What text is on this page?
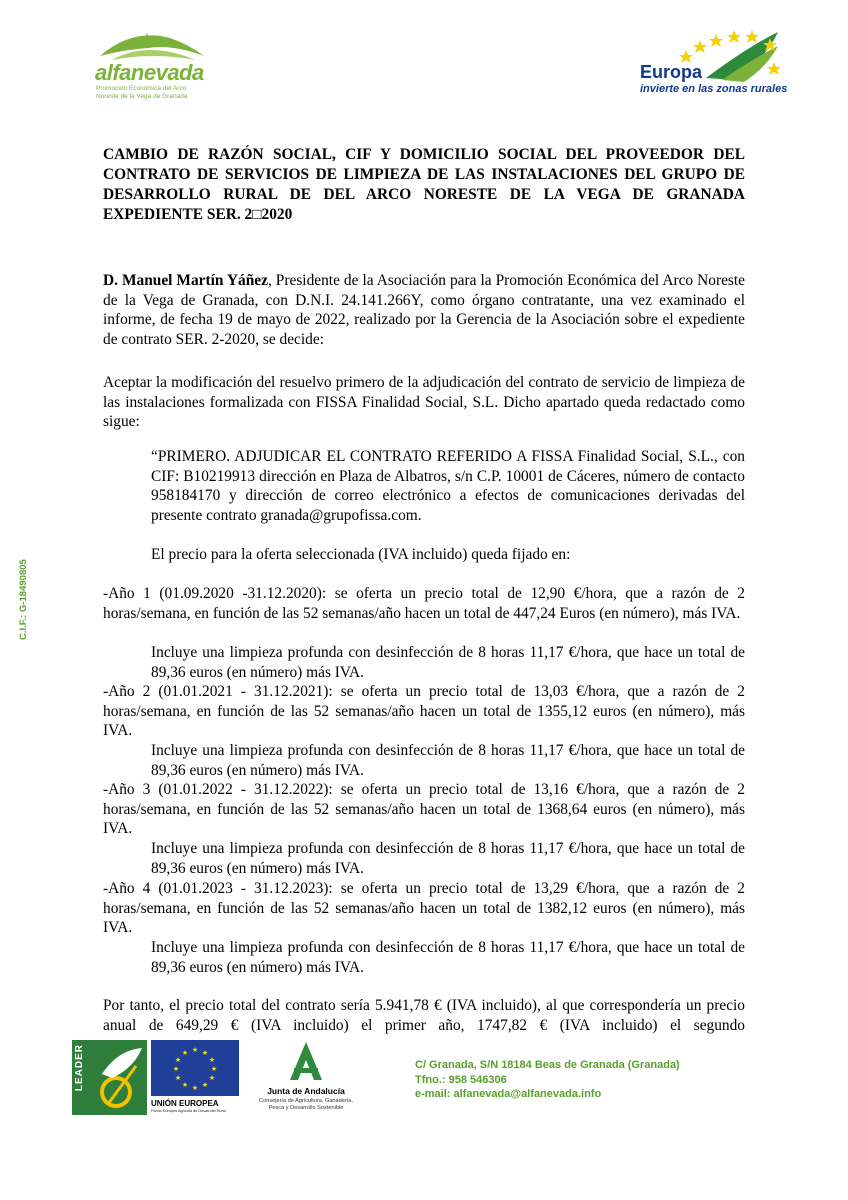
alfanevada
Promoción Económica del Arco
Noreste de la Vega de Granada
Europa
invierte en las zonas rurales
CAMBIO DE RAZÓN SOCIAL, CIF Y DOMICILIO SOCIAL DEL PROVEEDOR DEL CONTRATO DE SERVICIOS DE LIMPIEZA DE LAS INSTALACIONES DEL GRUPO DE DESARROLLO RURAL DE DEL ARCO NORESTE DE LA VEGA DE GRANADA EXPEDIENTE SER. 2□2020
D. Manuel Martín Yáñez, Presidente de la Asociación para la Promoción Económica del Arco Noreste de la Vega de Granada, con D.N.I. 24.141.266Y, como órgano contratante, una vez examinado el informe, de fecha 19 de mayo de 2022, realizado por la Gerencia de la Asociación sobre el expediente de contrato SER. 2-2020, se decide:
Aceptar la modificación del resuelvo primero de la adjudicación del contrato de servicio de limpieza de las instalaciones formalizada con FISSA Finalidad Social, S.L. Dicho apartado queda redactado como sigue:
“PRIMERO. ADJUDICAR EL CONTRATO REFERIDO A FISSA Finalidad Social, S.L., con CIF: B10219913 dirección en Plaza de Albatros, s/n C.P. 10001 de Cáceres, número de contacto 958184170 y dirección de correo electrónico a efectos de comunicaciones derivadas del presente contrato granada@grupofissa.com.
El precio para la oferta seleccionada (IVA incluido) queda fijado en:
-Año 1 (01.09.2020 -31.12.2020): se oferta un precio total de 12,90 €/hora, que a razón de 2 horas/semana, en función de las 52 semanas/año hacen un total de 447,24 Euros (en número), más IVA.
Incluye una limpieza profunda con desinfección de 8 horas 11,17 €/hora, que hace un total de 89,36 euros (en número) más IVA.
-Año 2 (01.01.2021 - 31.12.2021): se oferta un precio total de 13,03 €/hora, que a razón de 2 horas/semana, en función de las 52 semanas/año hacen un total de 1355,12 euros (en número), más IVA.
Incluye una limpieza profunda con desinfección de 8 horas 11,17 €/hora, que hace un total de 89,36 euros (en número) más IVA.
-Año 3 (01.01.2022 - 31.12.2022): se oferta un precio total de 13,16 €/hora, que a razón de 2 horas/semana, en función de las 52 semanas/año hacen un total de 1368,64 euros (en número), más IVA.
Incluye una limpieza profunda con desinfección de 8 horas 11,17 €/hora, que hace un total de 89,36 euros (en número) más IVA.
-Año 4 (01.01.2023 - 31.12.2023): se oferta un precio total de 13,29 €/hora, que a razón de 2 horas/semana, en función de las 52 semanas/año hacen un total de 1382,12 euros (en número), más IVA.
Incluye una limpieza profunda con desinfección de 8 horas 11,17 €/hora, que hace un total de 89,36 euros (en número) más IVA.
Por tanto, el precio total del contrato sería 5.941,78 € (IVA incluido), al que correspondería un precio anual de 649,29 € (IVA incluido) el primer año, 1747,82 € (IVA incluido) el segundo
C.I.F.: G-18490805
LEADER	★ ★
★
★
★
★
★
★
★
★
★
★
UNIÓN EUROPEA
Fondo Europeo Agrícola de Desarrollo Rural
Junta de Andalucía
Consejería de Agricultura, Ganadería,
Pesca y Desarrollo Sostenible
C/ Granada, S/N 18184 Beas de Granada (Granada)
Tfno.: 958 546306
e-mail: alfanevada@alfanevada.info
